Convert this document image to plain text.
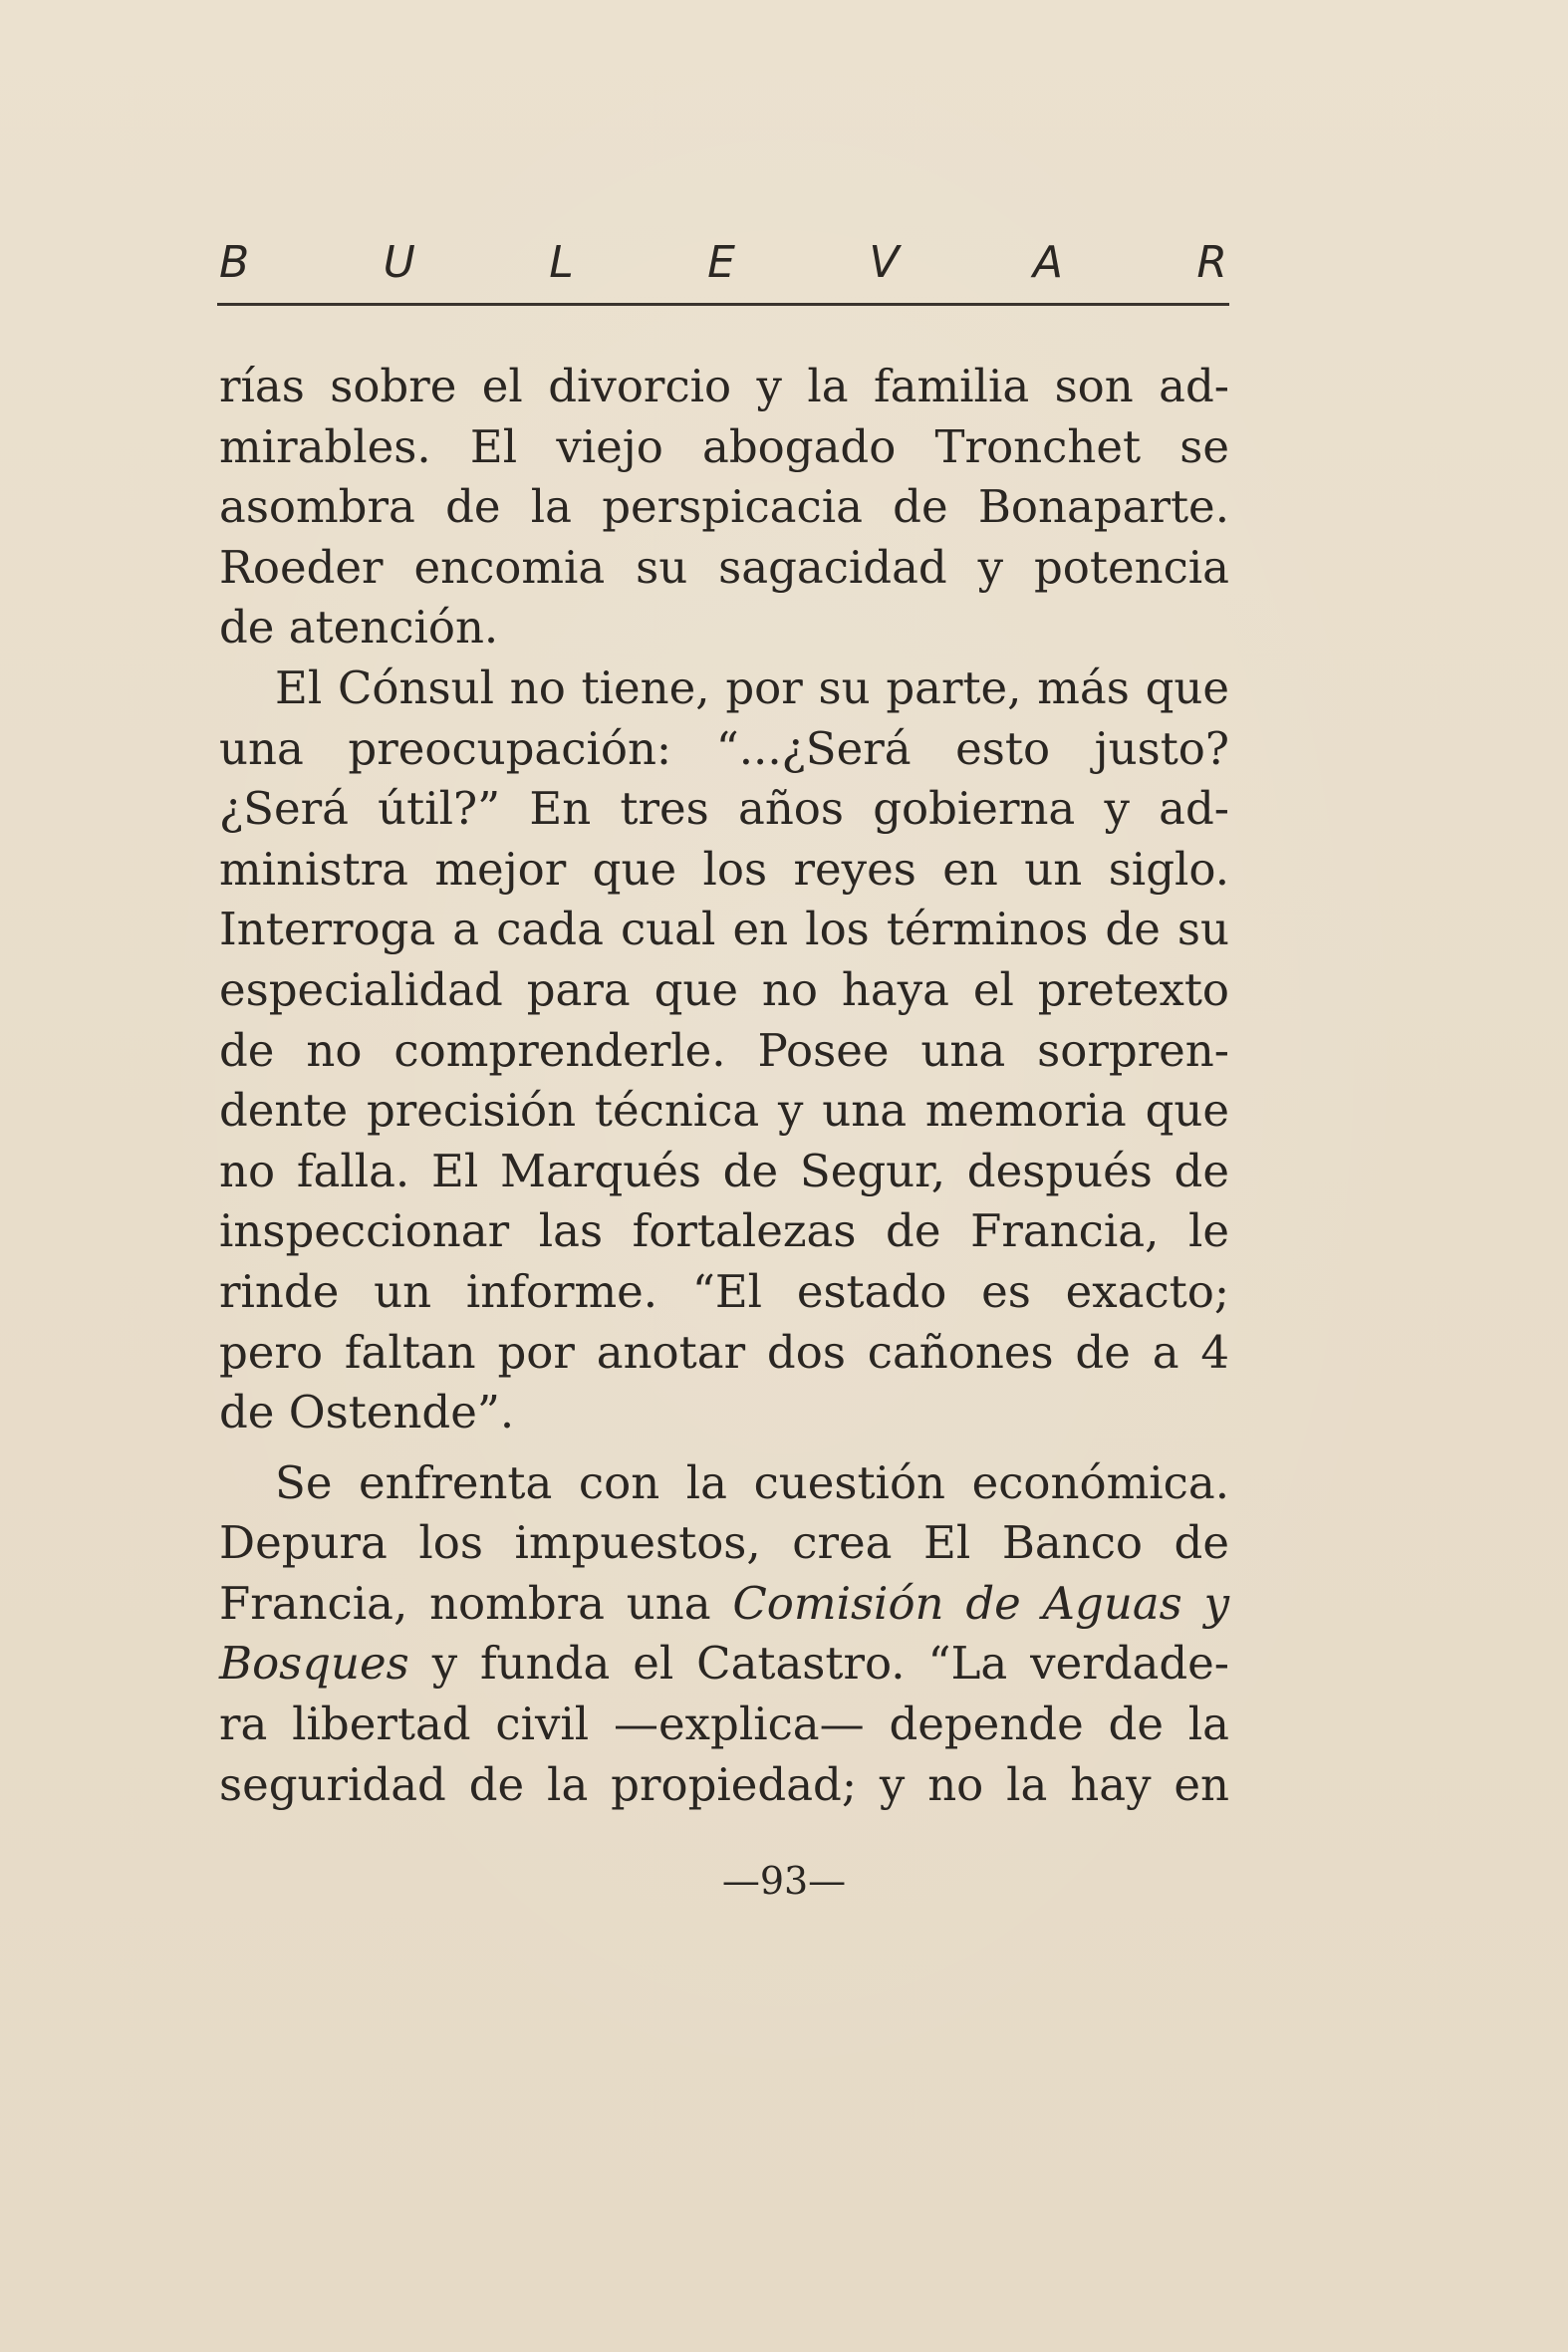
B	U	L	E	V	A	R
rías sobre el divorcio y la familia son ad-
mirables. El viejo abogado Tronchet se
asombra de la perspicacia de Bonaparte.
Roeder encomia su sagacidad y potencia
de atención.
El Cónsul no tiene, por su parte, más que
una preocupación: “...¿Será esto justo?
¿Será útil?” En tres años gobierna y ad-
ministra mejor que los reyes en un siglo.
Interroga a cada cual en los términos de su
especialidad para que no haya el pretexto
de no comprenderle. Posee una sorpren-
dente precisión técnica y una memoria que
no falla. El Marqués de Segur, después de
inspeccionar las fortalezas de Francia, le
rinde un informe. “El estado es exacto;
pero faltan por anotar dos cañones de a 4
de Ostende”.
Se enfrenta con la cuestión económica.
Depura los impuestos, crea El Banco de
Francia, nombra una Comisión de Aguas y
Bosques y funda el Catastro. “La verdade-
ra libertad civil —explica— depende de la
seguridad de la propiedad; y no la hay en
—93—
